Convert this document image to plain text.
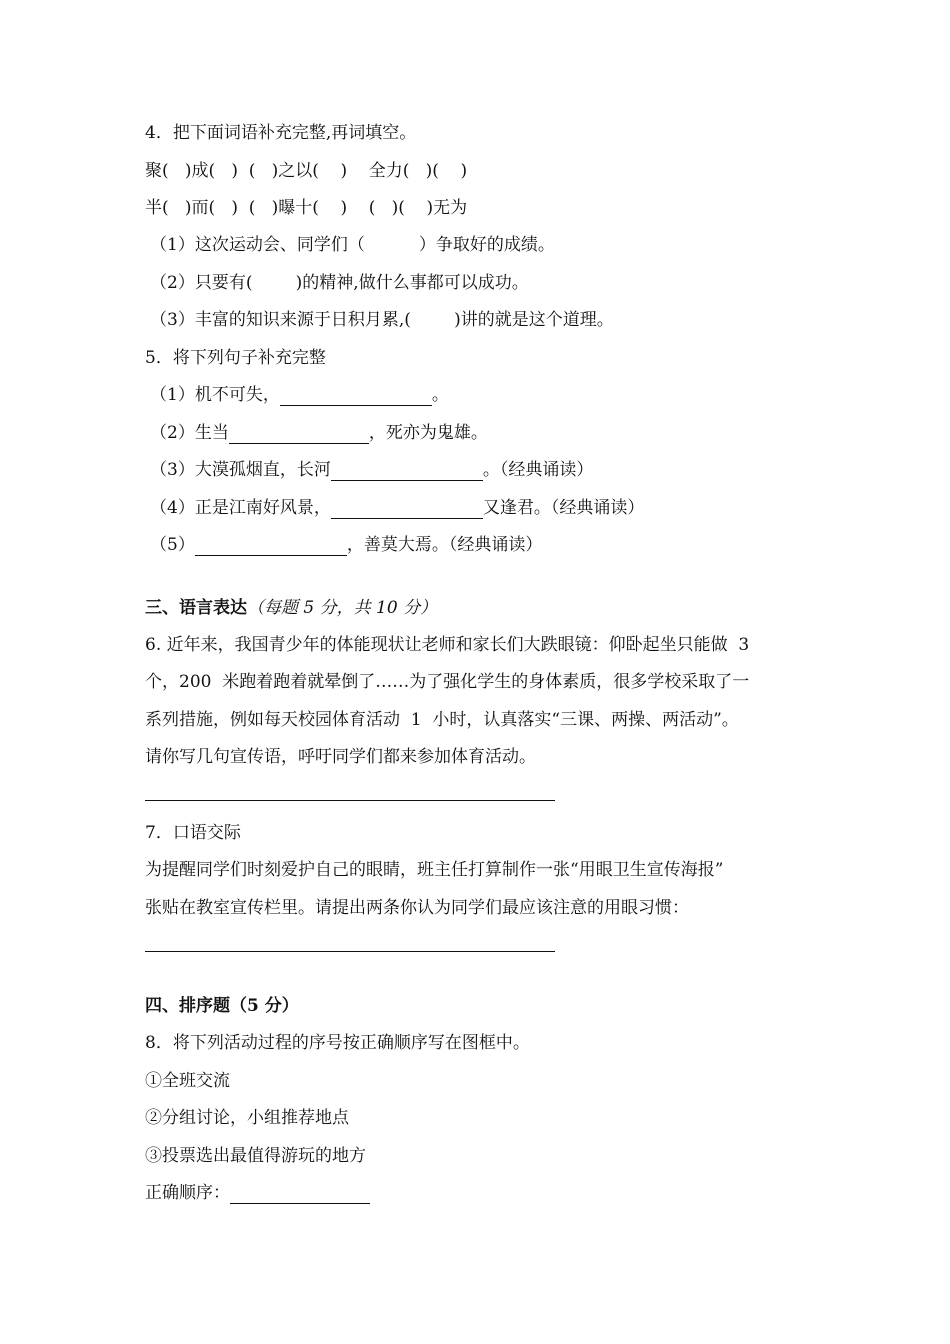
4．把下面词语补充完整,再词填空。
聚(   )成(   )  (   )之以(    )    全力(   )(    )
半(   )而(   )  (   )曝十(    )    (   )(    )无为
（1）这次运动会、同学们（          ）争取好的成绩。
（2）只要有(        )的精神,做什么事都可以成功。
（3）丰富的知识来源于日积月累,(        )讲的就是这个道理。
5．将下列句子补充完整
（1）机不可失，	。
（2）生当	，死亦为鬼雄。
（3）大漠孤烟直，长河	。（经典诵读）
（4）正是江南好风景，	又逢君。（经典诵读）
（5）	，善莫大焉。（经典诵读）
三、语言表达（每题 5 分，共 10 分）
6. 近年来，我国青少年的体能现状让老师和家长们大跌眼镜：仰卧起坐只能做  3
个，200  米跑着跑着就晕倒了……为了强化学生的身体素质，很多学校采取了一
系列措施，例如每天校园体育活动  1  小时，认真落实“三课、两操、两活动”。
请你写几句宣传语，呼吁同学们都来参加体育活动。
7．口语交际
为提醒同学们时刻爱护自己的眼睛，班主任打算制作一张“用眼卫生宣传海报”
张贴在教室宣传栏里。请提出两条你认为同学们最应该注意的用眼习惯：
四、排序题（5 分）
8．将下列活动过程的序号按正确顺序写在图框中。
①全班交流
②分组讨论，小组推荐地点
③投票选出最值得游玩的地方
正确顺序：
